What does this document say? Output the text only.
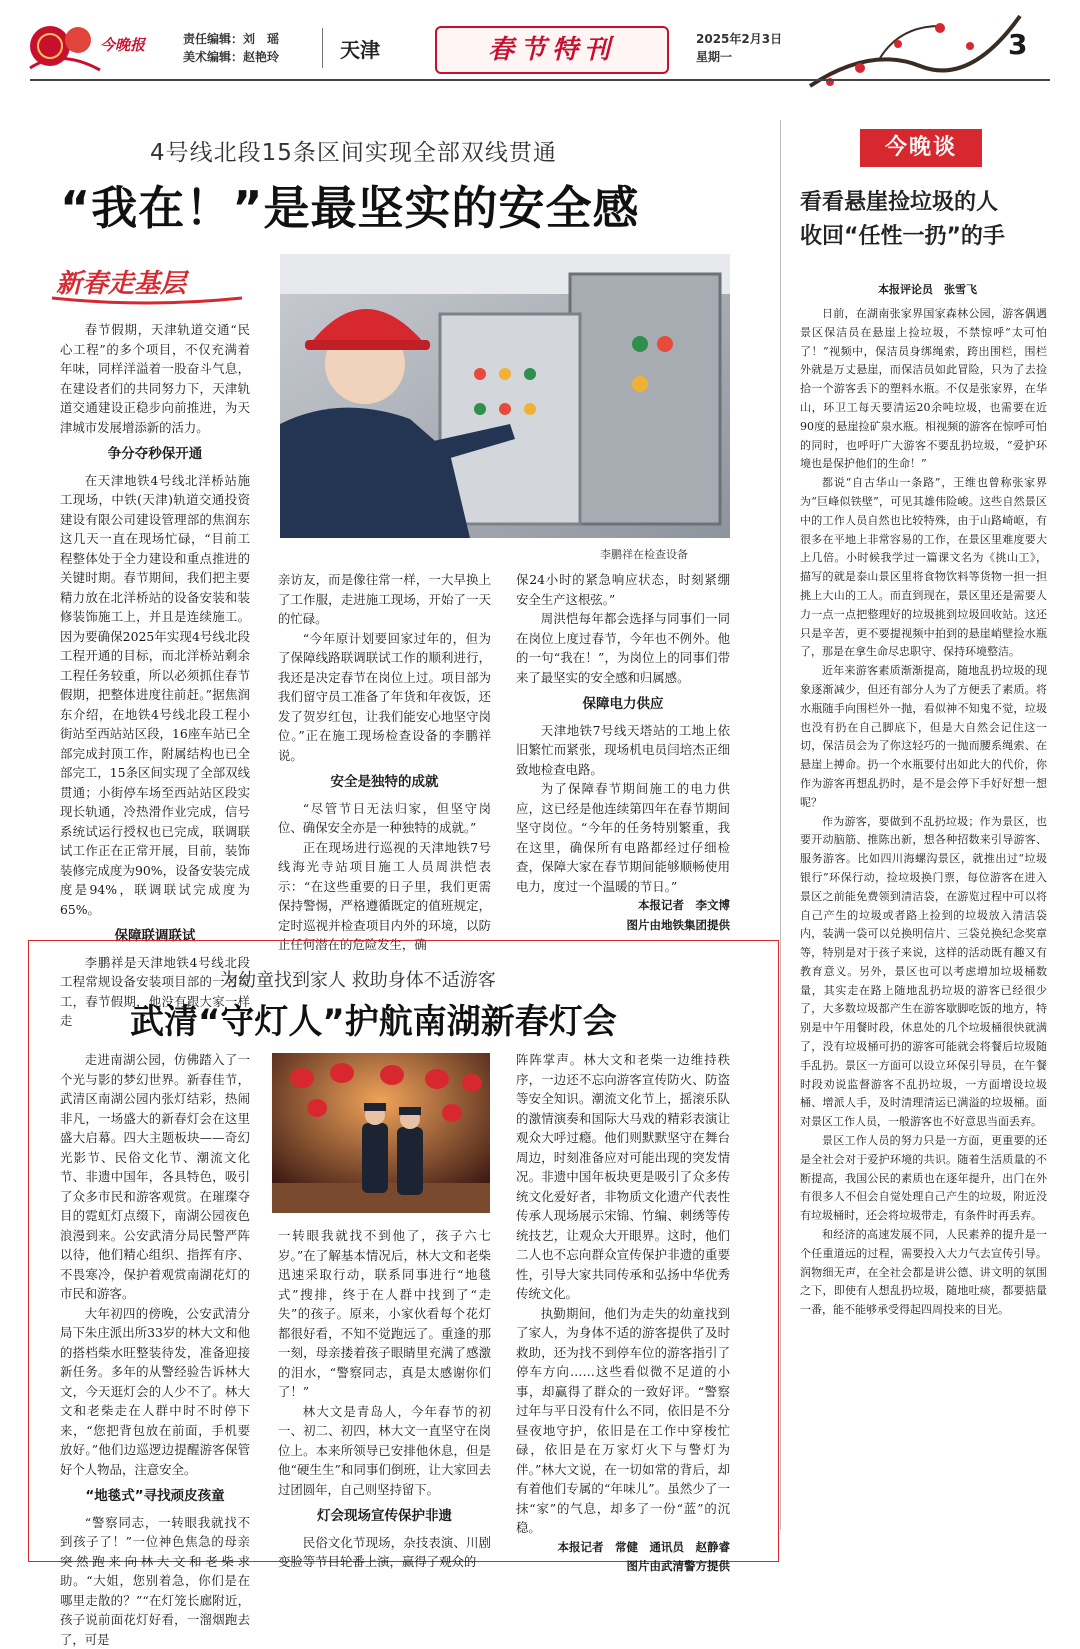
今晚报	责任编辑：刘　瑶
美术编辑：赵艳玲	天津	春节特刊	2025年2月3日
星期一	3
4号线北段15条区间实现全部双线贯通
“我在！”是最坚实的安全感
新春走基层
李鹏祥在检查设备

春节假期，天津轨道交通“民心工程”的多个项目，不仅充满着年味，同样洋溢着一股奋斗气息，在建设者们的共同努力下，天津轨道交通建设正稳步向前推进，为天津城市发展增添新的活力。

争分夺秒保开通

在天津地铁4号线北洋桥站施工现场，中铁(天津)轨道交通投资建设有限公司建设管理部的焦润东这几天一直在现场忙碌，“目前工程整体处于全力建设和重点推进的关键时期。春节期间，我们把主要精力放在北洋桥站的设备安装和装修装饰施工上，并且是连续施工。因为要确保2025年实现4号线北段工程开通的目标，而北洋桥站剩余工程任务较重，所以必须抓住春节假期，把整体进度往前赶。”据焦润东介绍，在地铁4号线北段工程小街站至西站站区段，16座车站已全部完成封顶工作，附属结构也已全部完工，15条区间实现了全部双线贯通；小街停车场至西站站区段实现长轨通，冷热滑作业完成，信号系统试运行授权也已完成，联调联试工作正在正常开展，目前，装饰装修完成度为90%，设备安装完成度是94%，联调联试完成度为65%。

保障联调联试

李鹏祥是天津地铁4号线北段工程常规设备安装项目部的一名员工，春节假期，他没有跟大家一样走

亲访友，而是像往常一样，一大早换上了工作服，走进施工现场，开始了一天的忙碌。

“今年原计划要回家过年的，但为了保障线路联调联试工作的顺利进行，我还是决定春节在岗位上过。项目部为我们留守员工准备了年货和年夜饭，还发了贺岁红包，让我们能安心地坚守岗位。”正在施工现场检查设备的李鹏祥说。

安全是独特的成就

“尽管节日无法归家，但坚守岗位、确保安全亦是一种独特的成就。”

正在现场进行巡视的天津地铁7号线海光寺站项目施工人员周洪恺表示：“在这些重要的日子里，我们更需保持警惕，严格遵循既定的值班规定，定时巡视并检查项目内外的环境，以防止任何潜在的危险发生，确

保24小时的紧急响应状态，时刻紧绷安全生产这根弦。”

周洪恺每年都会选择与同事们一同在岗位上度过春节，今年也不例外。他的一句“我在！”，为岗位上的同事们带来了最坚实的安全感和归属感。

保障电力供应

天津地铁7号线天塔站的工地上依旧繁忙而紧张，现场机电员闫培杰正细致地检查电路。

为了保障春节期间施工的电力供应，这已经是他连续第四年在春节期间坚守岗位。“今年的任务特别繁重，我在这里，确保所有电路都经过仔细检查，保障大家在春节期间能够顺畅使用电力，度过一个温暖的节日。”

本报记者　李文博

图片由地铁集团提供

今晚谈
看看悬崖捡垃圾的人
收回“任性一扔”的手
本报评论员　张雪飞

日前，在湖南张家界国家森林公园，游客偶遇景区保洁员在悬崖上捡垃圾，不禁惊呼“太可怕了！”视频中，保洁员身绑绳索，跨出围栏，围栏外就是万丈悬崖，而保洁员如此冒险，只为了去捡拾一个游客丢下的塑料水瓶。不仅是张家界，在华山，环卫工每天要清运20余吨垃圾，也需要在近90度的悬崖捡矿泉水瓶。相视频的游客在惊呼可怕的同时，也呼吁广大游客不要乱扔垃圾，“爱护环境也是保护他们的生命！”

都说“自古华山一条路”，王维也曾称张家界为“巨峰似铁壁”，可见其雄伟险峻。这些自然景区中的工作人员自然也比较特殊，由于山路崎岖，有很多在平地上非常容易的工作，在景区里难度要大上几倍。小时候我学过一篇课文名为《挑山工》，描写的就是泰山景区里将食物饮料等货物一担一担挑上大山的工人。而直到现在，景区里还是需要人力一点一点把整理好的垃圾挑到垃圾回收站。这还只是辛苦，更不要提视频中拍到的悬崖峭壁捡水瓶了，那是在拿生命尽忠职守、保持环境整洁。

近年来游客素质渐渐提高，随地乱扔垃圾的现象逐渐减少，但还有部分人为了方便丢了素质。将水瓶随手向围栏外一抛，看似神不知鬼不觉，垃圾也没有扔在自己脚底下，但是大自然会记住这一切，保洁员会为了你这轻巧的一抛而腰系绳索、在悬崖上搏命。扔一个水瓶要付出如此大的代价，你作为游客再想乱扔时，是不是会停下手好好想一想呢？

作为游客，要做到不乱扔垃圾；作为景区，也要开动脑筋、推陈出新，想各种招数来引导游客、服务游客。比如四川海螺沟景区，就推出过“垃圾银行”环保行动，捡垃圾换门票，每位游客在进入景区之前能免费领到清洁袋，在游览过程中可以将自己产生的垃圾或者路上捡到的垃圾放入清洁袋内，装满一袋可以兑换明信片、三袋兑换纪念奖章等，特别是对于孩子来说，这样的活动既有趣又有教育意义。另外，景区也可以考虑增加垃圾桶数量，其实走在路上随地乱扔垃圾的游客已经很少了，大多数垃圾都产生在游客歇脚吃饭的地方，特别是中午用餐时段，休息处的几个垃圾桶很快就满了，没有垃圾桶可扔的游客可能就会将餐后垃圾随手乱扔。景区一方面可以设立环保引导员，在午餐时段劝说监督游客不乱扔垃圾，一方面增设垃圾桶、增派人手，及时清理清运已满溢的垃圾桶。面对景区工作人员，一般游客也不好意思当面丢弃。

景区工作人员的努力只是一方面，更重要的还是全社会对于爱护环境的共识。随着生活质量的不断提高，我国公民的素质也在逐年提升，出门在外有很多人不但会自觉处理自己产生的垃圾，附近没有垃圾桶时，还会将垃圾带走，有条件时再丢弃。

和经济的高速发展不同，人民素养的提升是一个任重道远的过程，需要投入大力气去宣传引导。润物细无声，在全社会都是讲公德、讲文明的氛围之下，即使有人想乱扔垃圾，随地吐痰，都要掂量一番，能不能够承受得起四周投来的目光。

为幼童找到家人 救助身体不适游客
武清“守灯人”护航南湖新春灯会

走进南湖公园，仿佛踏入了一个光与影的梦幻世界。新春佳节，武清区南湖公园内张灯结彩，热闹非凡，一场盛大的新春灯会在这里盛大启幕。四大主题板块——奇幻光影节、民俗文化节、潮流文化节、非遗中国年，各具特色，吸引了众多市民和游客观赏。在璀璨夺目的霓虹灯点缀下，南湖公园夜色浪漫到来。公安武清分局民警严阵以待，他们精心组织、指挥有序、不畏寒冷，保护着观赏南湖花灯的市民和游客。

大年初四的傍晚，公安武清分局下朱庄派出所33岁的林大文和他的搭档柴水旺整装待发，准备迎接新任务。多年的从警经验告诉林大文，今天逛灯会的人少不了。林大文和老柴走在人群中时不时停下来，“您把背包放在前面，手机要放好。”他们边巡逻边提醒游客保管好个人物品，注意安全。

“地毯式”寻找顽皮孩童

“警察同志，一转眼我就找不到孩子了！”一位神色焦急的母亲突然跑来向林大文和老柴求助。“大姐，您别着急，你们是在哪里走散的？”“在灯笼长廊附近，孩子说前面花灯好看，一溜烟跑去了，可是

一转眼我就找不到他了，孩子六七岁。”在了解基本情况后，林大文和老柴迅速采取行动，联系同事进行“地毯式”搜排，终于在人群中找到了“走失”的孩子。原来，小家伙看每个花灯都很好看，不知不觉跑远了。重逢的那一刻，母亲搂着孩子眼睛里充满了感激的泪水，“警察同志，真是太感谢你们了！”

林大文是青岛人，今年春节的初一、初二、初四，林大文一直坚守在岗位上。本来所领导已安排他休息，但是他“硬生生”和同事们倒班，让大家回去过团圆年，自己则坚持留下。

灯会现场宣传保护非遗

民俗文化节现场，杂技表演、川剧变脸等节目轮番上演，赢得了观众的

阵阵掌声。林大文和老柴一边维持秩序，一边还不忘向游客宣传防火、防盗等安全知识。潮流文化节上，摇滚乐队的激情演奏和国际大马戏的精彩表演让观众大呼过瘾。他们则默默坚守在舞台周边，时刻准备应对可能出现的突发情况。非遗中国年板块更是吸引了众多传统文化爱好者，非物质文化遗产代表性传承人现场展示宋锦、竹编、刺绣等传统技艺，让观众大开眼界。这时，他们二人也不忘向群众宣传保护非遗的重要性，引导大家共同传承和弘扬中华优秀传统文化。

执勤期间，他们为走失的幼童找到了家人，为身体不适的游客提供了及时救助，还为找不到停车位的游客指引了停车方向……这些看似微不足道的小事，却赢得了群众的一致好评。“警察过年与平日没有什么不同，依旧是不分昼夜地守护，依旧是在工作中穿梭忙碌，依旧是在万家灯火下与警灯为伴。”林大文说，在一切如常的背后，却有着他们专属的“年味儿”。虽然少了一抹“家”的气息，却多了一份“蓝”的沉稳。

本报记者　常健　通讯员　赵静睿

图片由武清警方提供
